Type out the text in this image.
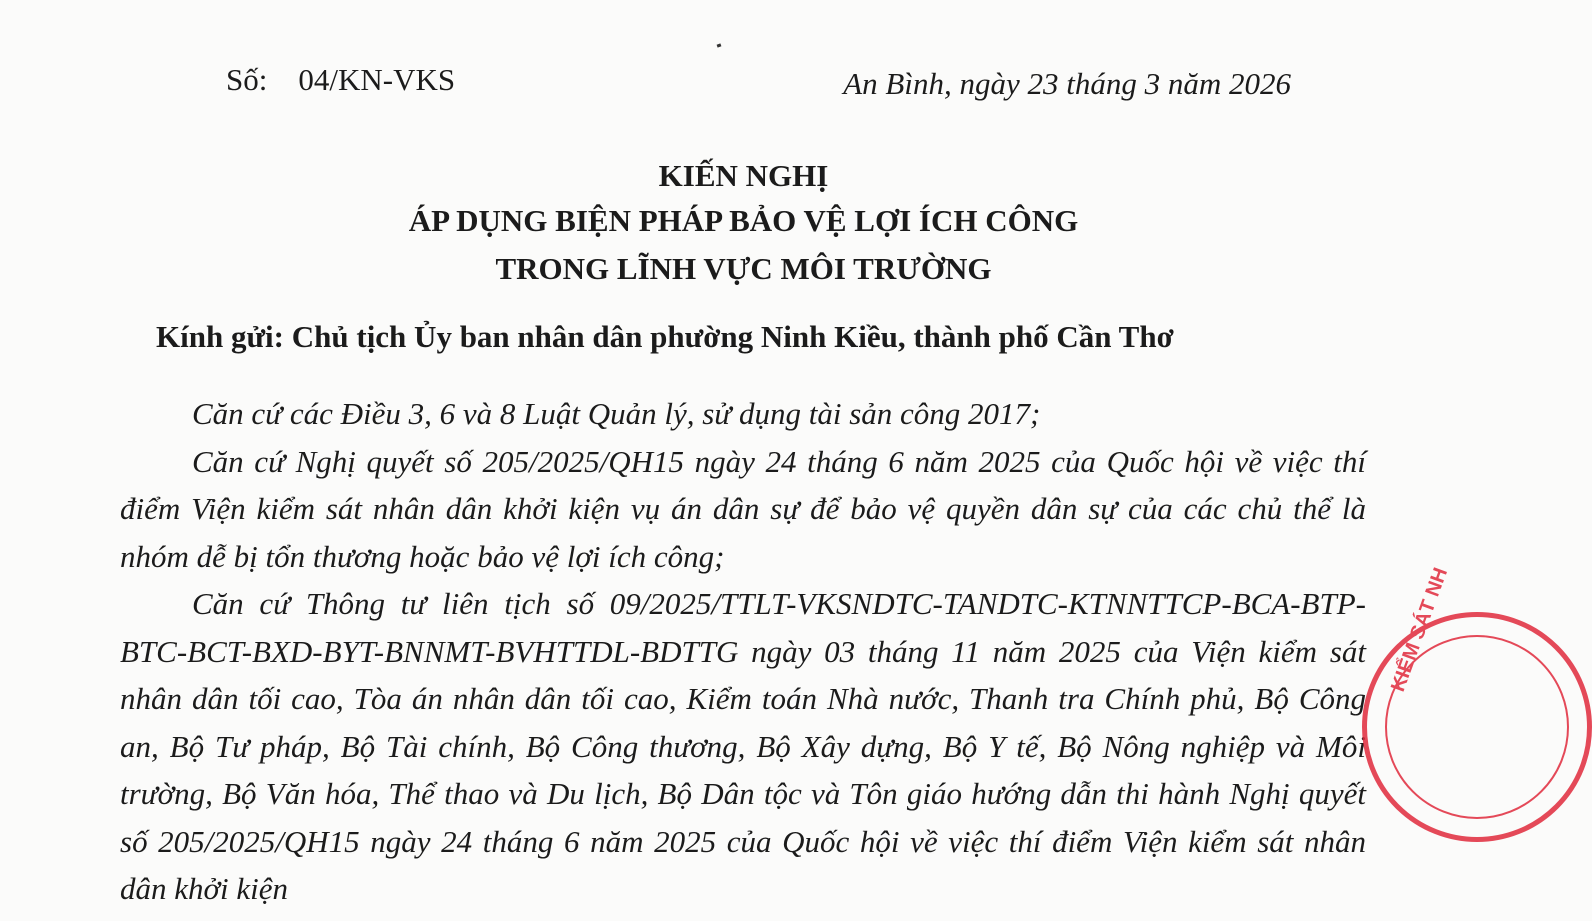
Số:    04/KN-VKS	An Bình, ngày 23 tháng 3 năm 2026
KIẾN NGHỊ
ÁP DỤNG BIỆN PHÁP BẢO VỆ LỢI ÍCH CÔNG
TRONG LĨNH VỰC MÔI TRƯỜNG
Kính gửi: Chủ tịch Ủy ban nhân dân phường Ninh Kiều, thành phố Cần Thơ

Căn cứ các Điều 3, 6 và 8 Luật Quản lý, sử dụng tài sản công 2017;

Căn cứ Nghị quyết số 205/2025/QH15 ngày 24 tháng 6 năm 2025 của Quốc hội về việc thí điểm Viện kiểm sát nhân dân khởi kiện vụ án dân sự để bảo vệ quyền dân sự của các chủ thể là nhóm dễ bị tổn thương hoặc bảo vệ lợi ích công;

Căn cứ Thông tư liên tịch số 09/2025/TTLT-VKSNDTC-TANDTC-KTNNTTCP-BCA-BTP-BTC-BCT-BXD-BYT-BNNMT-BVHTTDL-BDTTG ngày 03 tháng 11 năm 2025 của Viện kiểm sát nhân dân tối cao, Tòa án nhân dân tối cao, Kiểm toán Nhà nước, Thanh tra Chính phủ, Bộ Công an, Bộ Tư pháp, Bộ Tài chính, Bộ Công thương, Bộ Xây dựng, Bộ Y tế, Bộ Nông nghiệp và Môi trường, Bộ Văn hóa, Thể thao và Du lịch, Bộ Dân tộc và Tôn giáo hướng dẫn thi hành Nghị quyết số 205/2025/QH15 ngày 24 tháng 6 năm 2025 của Quốc hội về việc thí điểm Viện kiểm sát nhân dân khởi kiện

KIỂM SÁT NH
